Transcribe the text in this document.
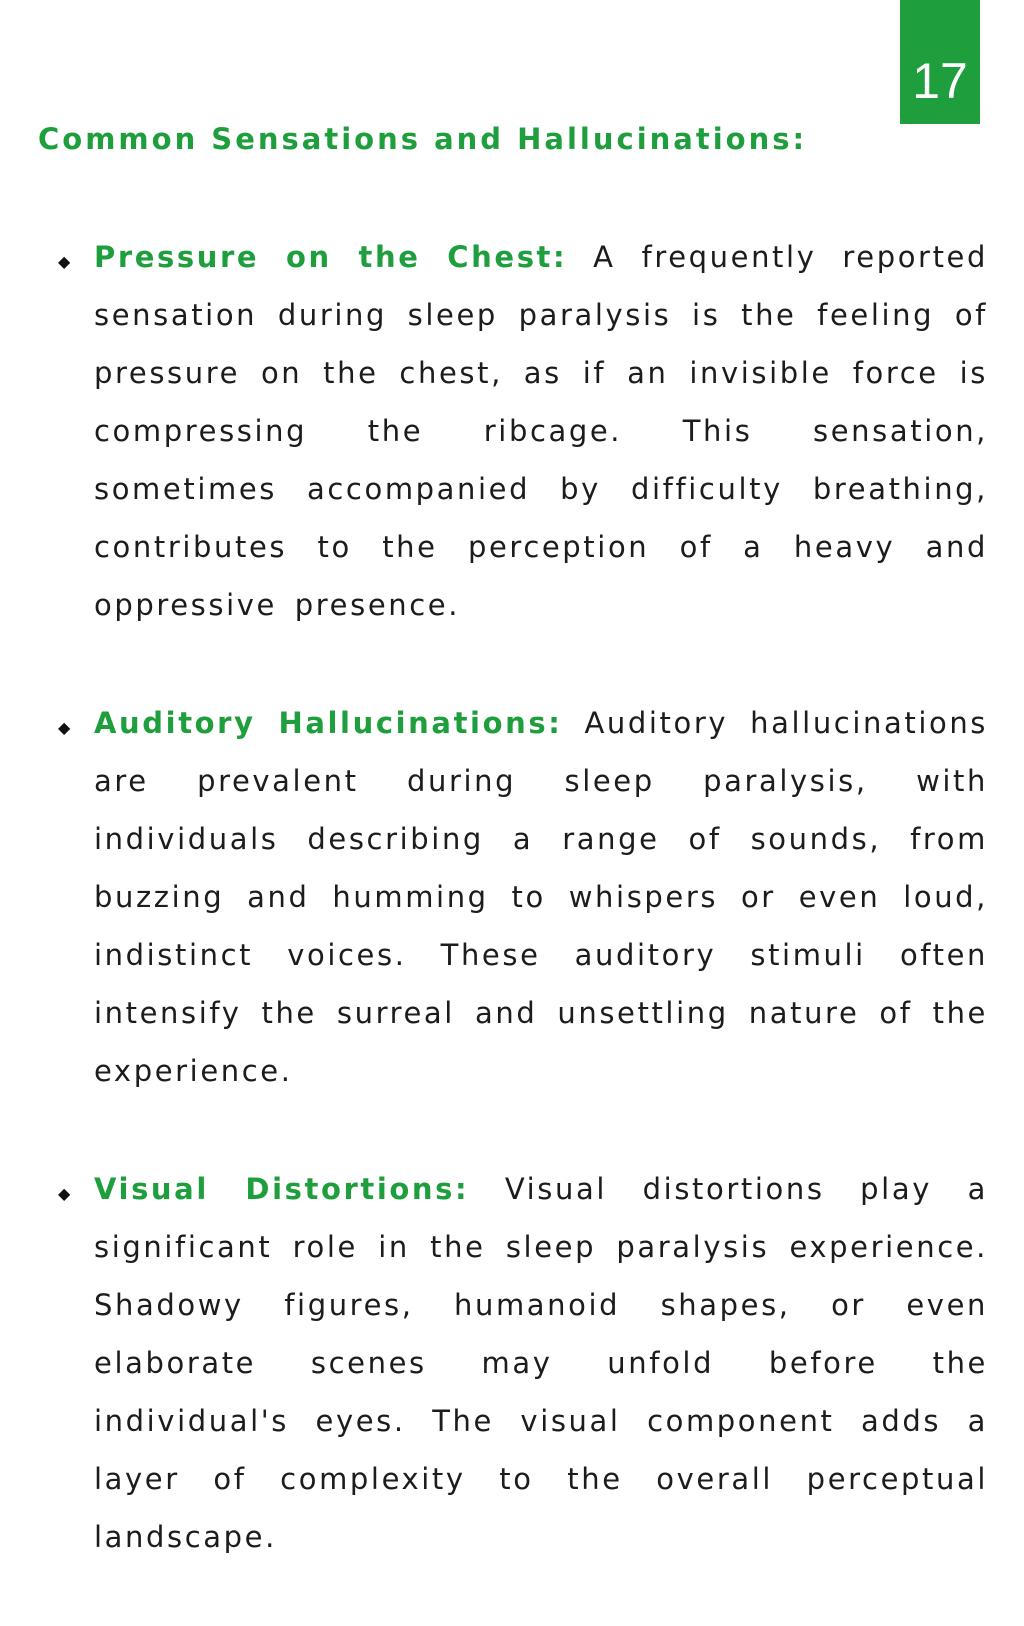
17
Common Sensations and Hallucinations:
◆ Pressure on the Chest: A frequently reported sensation during sleep paralysis is the feeling of pressure on the chest, as if an invisible force is compressing the ribcage. This sensation, sometimes accompanied by difficulty breathing, contributes to the perception of a heavy and oppressive presence.

◆ Auditory Hallucinations: Auditory hallucinations are prevalent during sleep paralysis, with individuals describing a range of sounds, from buzzing and humming to whispers or even loud, indistinct voices. These auditory stimuli often intensify the surreal and unsettling nature of the experience.

◆ Visual Distortions: Visual distortions play a significant role in the sleep paralysis experience. Shadowy figures, humanoid shapes, or even elaborate scenes may unfold before the individual's eyes. The visual component adds a layer of complexity to the overall perceptual landscape.
